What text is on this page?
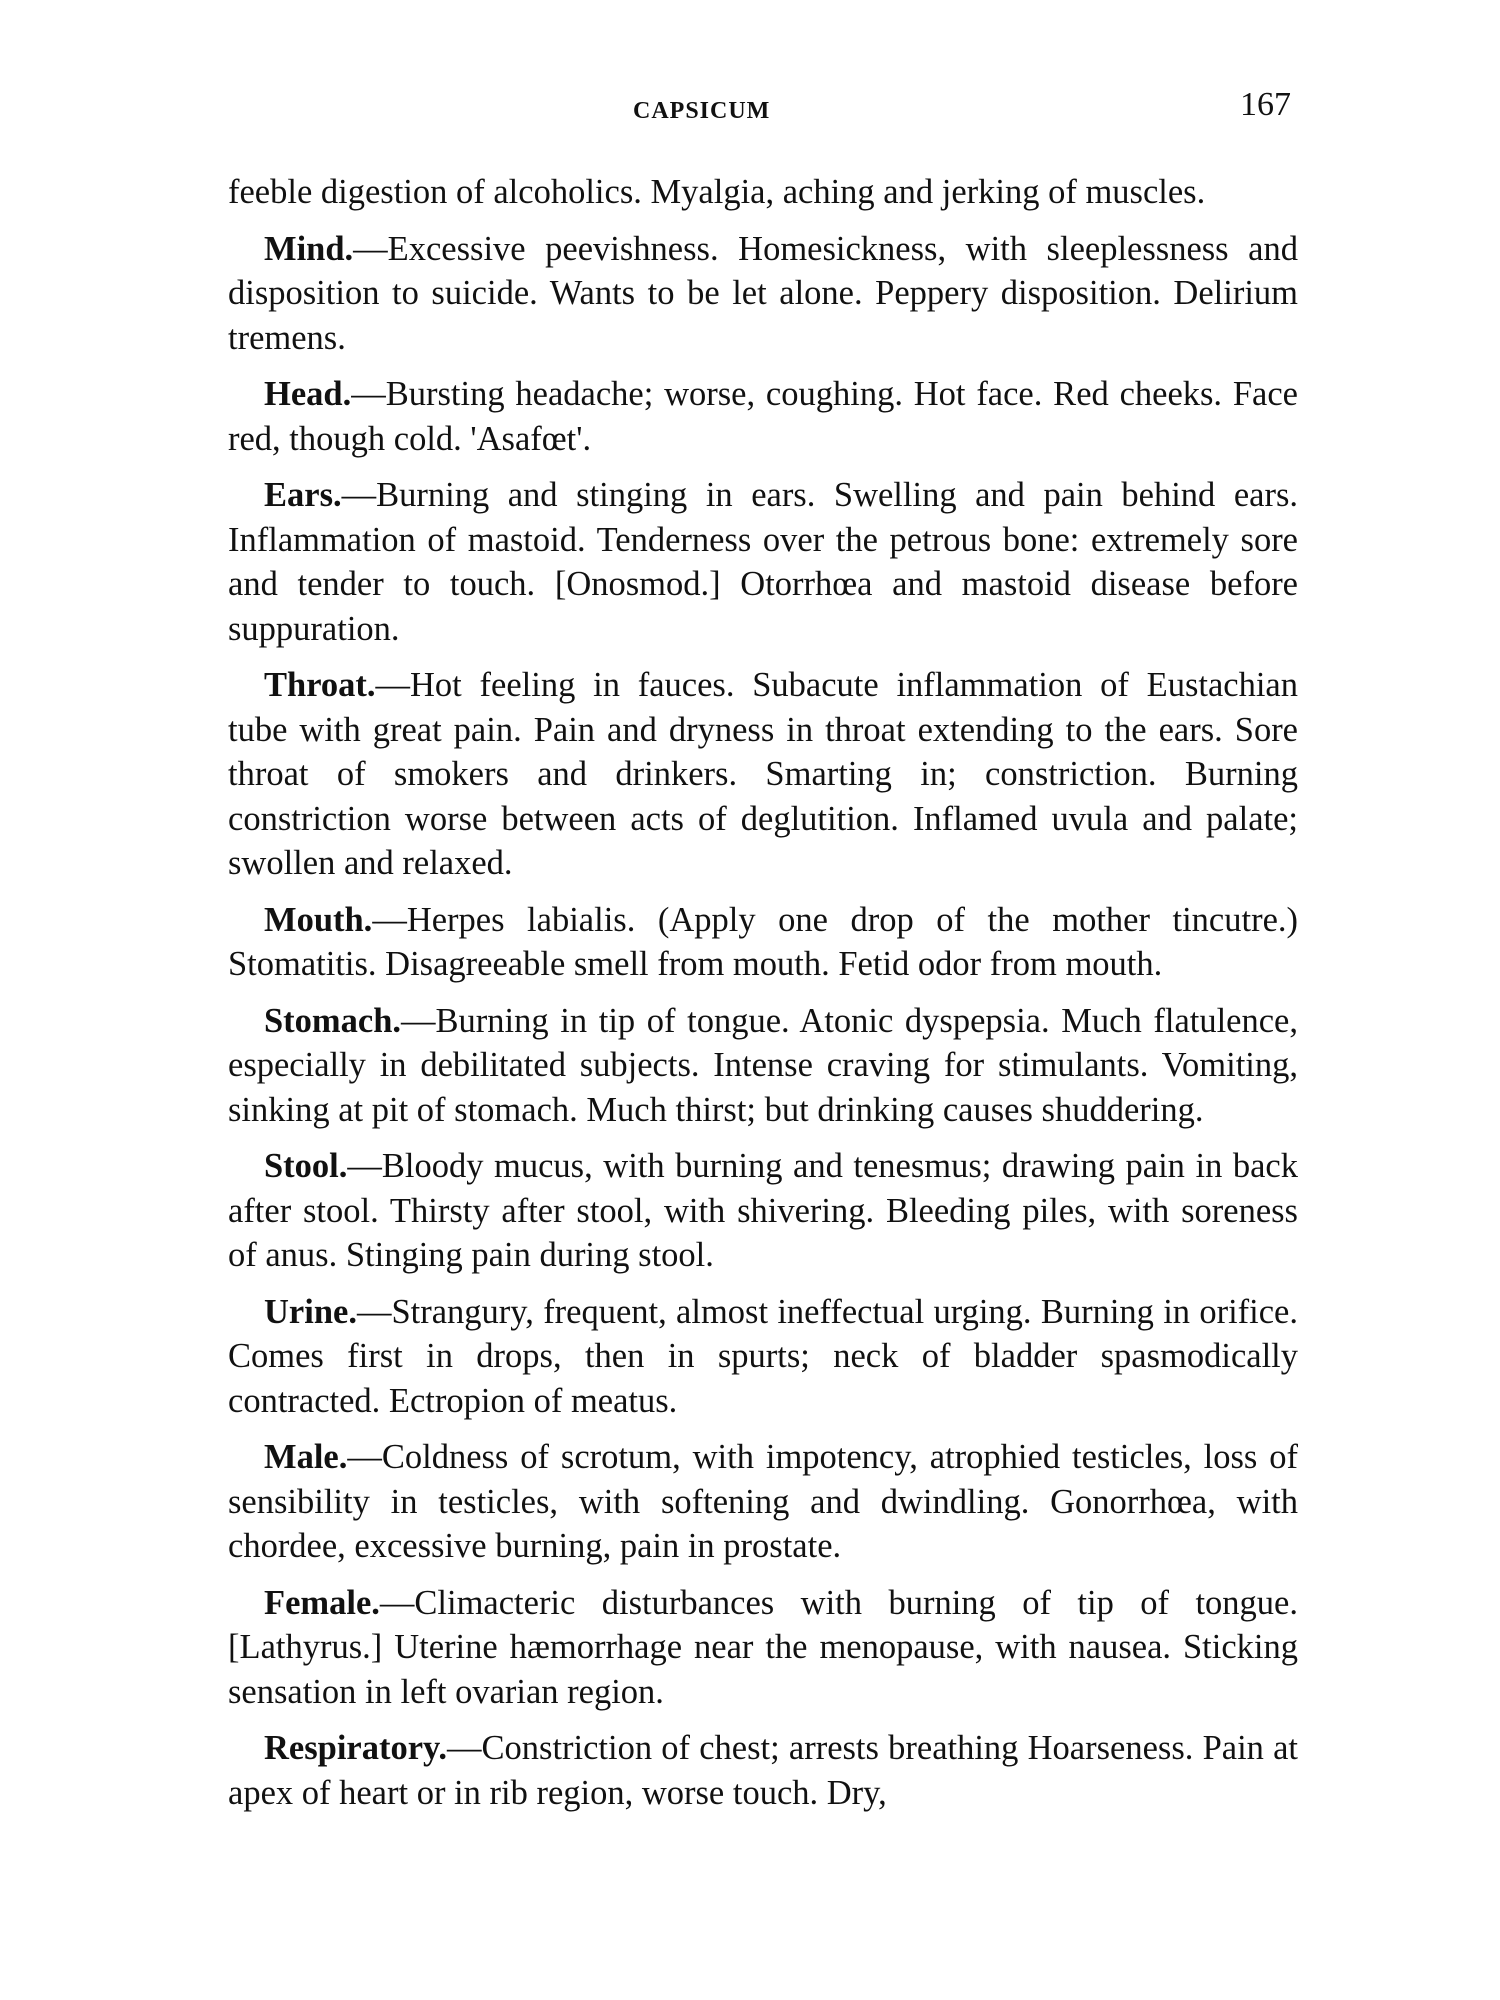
CAPSICUM	167

feeble digestion of alcoholics. Myalgia, aching and jerking of muscles.

Mind.—Excessive peevishness. Homesickness, with sleeplessness and disposition to suicide. Wants to be let alone. Peppery disposition. Delirium tremens.

Head.—Bursting headache; worse, coughing. Hot face. Red cheeks. Face red, though cold. 'Asafœt'.

Ears.—Burning and stinging in ears. Swelling and pain behind ears. Inflammation of mastoid. Tenderness over the petrous bone: extremely sore and tender to touch. [Onosmod.] Otorrhœa and mastoid disease before suppuration.

Throat.—Hot feeling in fauces. Subacute inflammation of Eustachian tube with great pain. Pain and dryness in throat extending to the ears. Sore throat of smokers and drinkers. Smarting in; constriction. Burning constriction worse between acts of deglutition. Inflamed uvula and palate; swollen and relaxed.

Mouth.—Herpes labialis. (Apply one drop of the mother tincutre.) Stomatitis. Disagreeable smell from mouth. Fetid odor from mouth.

Stomach.—Burning in tip of tongue. Atonic dyspepsia. Much flatulence, especially in debilitated subjects. Intense craving for stimulants. Vomiting, sinking at pit of stomach. Much thirst; but drinking causes shuddering.

Stool.—Bloody mucus, with burning and tenesmus; drawing pain in back after stool. Thirsty after stool, with shivering. Bleeding piles, with soreness of anus. Stinging pain during stool.

Urine.—Strangury, frequent, almost ineffectual urging. Burning in orifice. Comes first in drops, then in spurts; neck of bladder spasmodically contracted. Ectropion of meatus.

Male.—Coldness of scrotum, with impotency, atrophied testicles, loss of sensibility in testicles, with softening and dwindling. Gonorrhœa, with chordee, excessive burning, pain in prostate.

Female.—Climacteric disturbances with burning of tip of tongue. [Lathyrus.] Uterine hæmorrhage near the menopause, with nausea. Sticking sensation in left ovarian region.

Respiratory.—Constriction of chest; arrests breathing Hoarseness. Pain at apex of heart or in rib region, worse touch. Dry,
